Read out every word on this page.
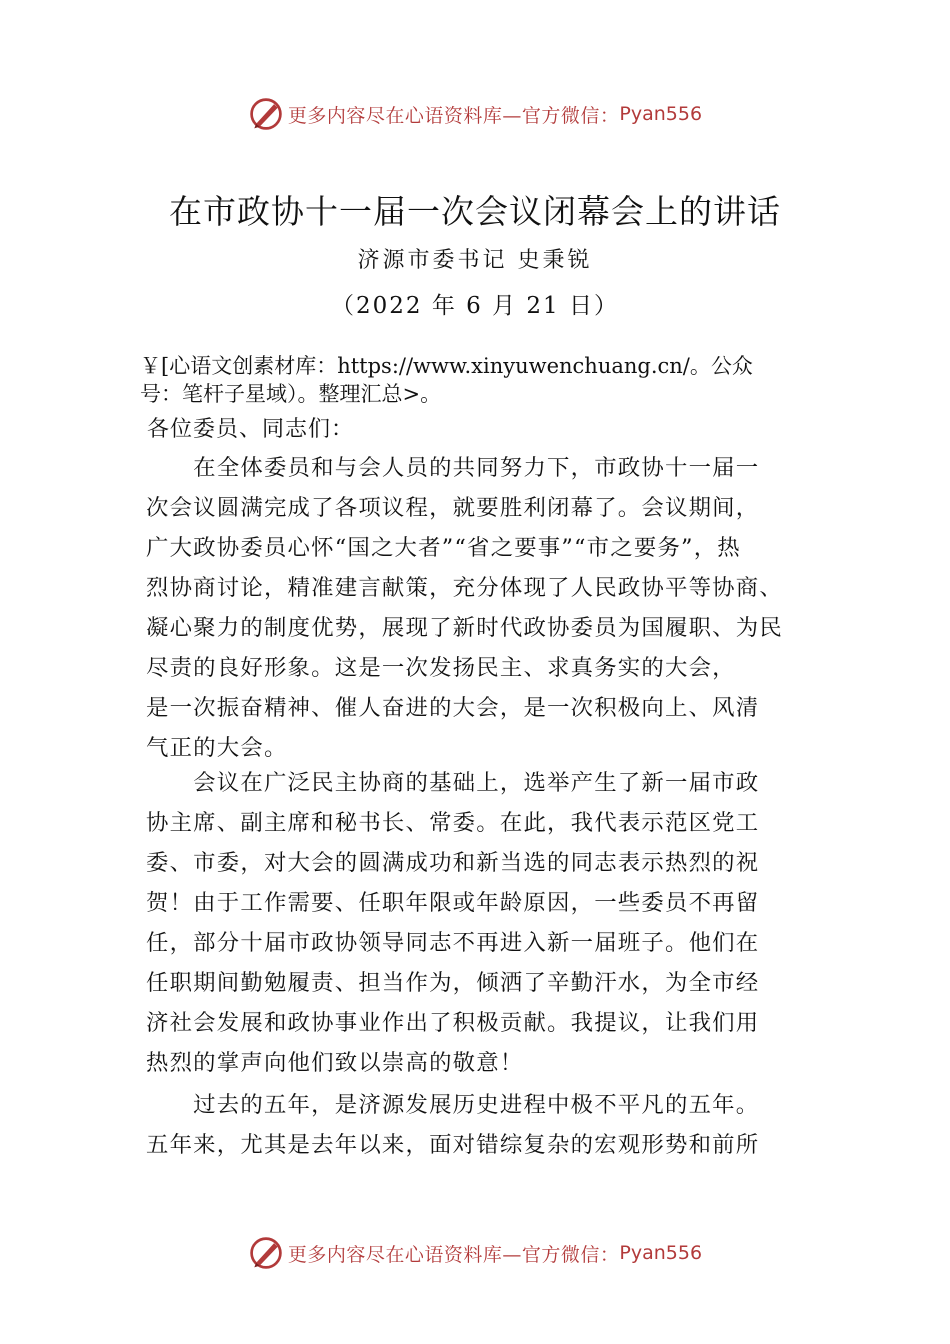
更多内容尽在心语资料库—官方微信： Pyan556
在市政协十一届一次会议闭幕会上的讲话
济源市委书记 史秉锐
（2022 年 6 月 21 日）
￥[心语文创素材库：https://www.xinyuwenchuang.cn/。公众
号：笔杆子星域）。整理汇总>。
各位委员、同志们：
　　在全体委员和与会人员的共同努力下，市政协十一届一
次会议圆满完成了各项议程，就要胜利闭幕了。会议期间，
广大政协委员心怀“国之大者”“省之要事”“市之要务”，热
烈协商讨论，精准建言献策，充分体现了人民政协平等协商、
凝心聚力的制度优势，展现了新时代政协委员为国履职、为民
尽责的良好形象。这是一次发扬民主、求真务实的大会，
是一次振奋精神、催人奋进的大会，是一次积极向上、风清
气正的大会。
　　会议在广泛民主协商的基础上，选举产生了新一届市政
协主席、副主席和秘书长、常委。在此，我代表示范区党工
委、市委，对大会的圆满成功和新当选的同志表示热烈的祝
贺！由于工作需要、任职年限或年龄原因，一些委员不再留
任，部分十届市政协领导同志不再进入新一届班子。他们在
任职期间勤勉履责、担当作为，倾洒了辛勤汗水，为全市经
济社会发展和政协事业作出了积极贡献。我提议，让我们用
热烈的掌声向他们致以崇高的敬意！
　　过去的五年，是济源发展历史进程中极不平凡的五年。
五年来，尤其是去年以来，面对错综复杂的宏观形势和前所
更多内容尽在心语资料库—官方微信： Pyan556
